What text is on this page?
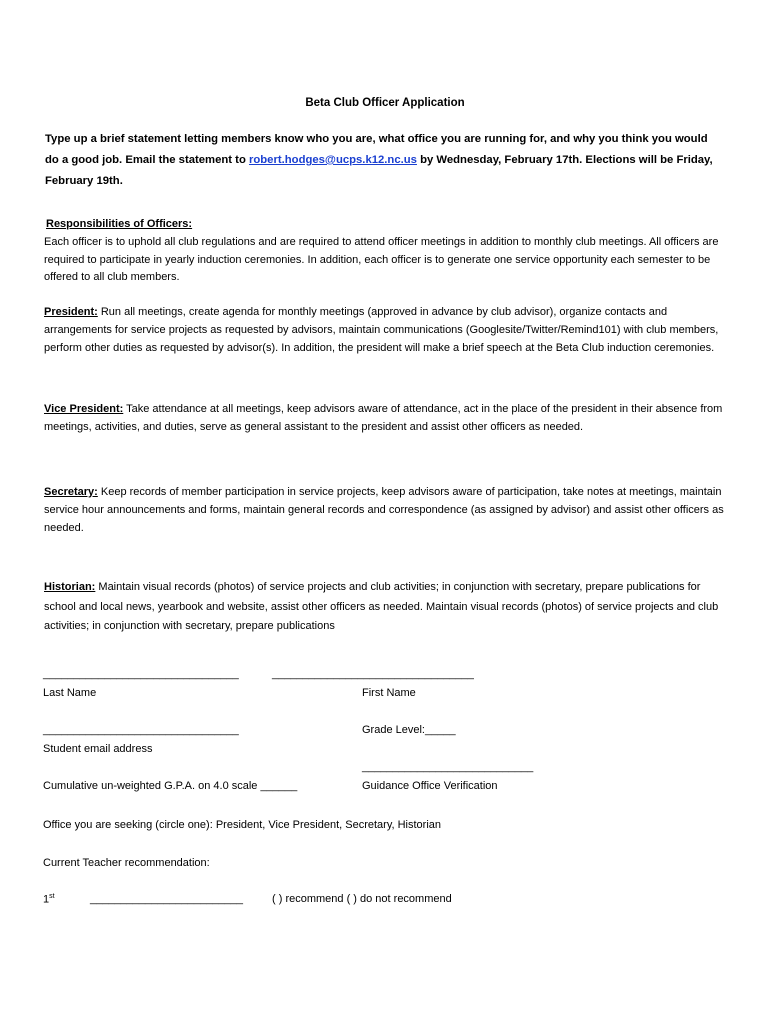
Beta Club Officer Application
Type up a brief statement letting members know who you are, what office you are running for, and why you think you would do a good job. Email the statement to robert.hodges@ucps.k12.nc.us by Wednesday, February 17th. Elections will be Friday, February 19th.
Responsibilities of Officers:
Each officer is to uphold all club regulations and are required to attend officer meetings in addition to monthly club meetings. All officers are required to participate in yearly induction ceremonies. In addition, each officer is to generate one service opportunity each semester to be offered to all club members.
President: Run all meetings, create agenda for monthly meetings (approved in advance by club advisor), organize contacts and arrangements for service projects as requested by advisors, maintain communications (Googlesite/Twitter/Remind101) with club members, perform other duties as requested by advisor(s). In addition, the president will make a brief speech at the Beta Club induction ceremonies.
Vice President: Take attendance at all meetings, keep advisors aware of attendance, act in the place of the president in their absence from meetings, activities, and duties, serve as general assistant to the president and assist other officers as needed.
Secretary: Keep records of member participation in service projects, keep advisors aware of participation, take notes at meetings, maintain service hour announcements and forms, maintain general records and correspondence (as assigned by advisor) and assist other officers as needed.
Historian: Maintain visual records (photos) of service projects and club activities; in conjunction with secretary, prepare publications for school and local news, yearbook and website, assist other officers as needed. Maintain visual records (photos) of service projects and club activities; in conjunction with secretary, prepare publications
________________________________
Last Name
_________________________________
First Name
________________________________
Student email address
Grade Level:_____
____________________________
Guidance Office Verification
Cumulative un-weighted G.P.A. on 4.0 scale ______
Office you are seeking (circle one): President, Vice President, Secretary, Historian
Current Teacher recommendation:
1st	_________________________	( ) recommend ( ) do not recommend
